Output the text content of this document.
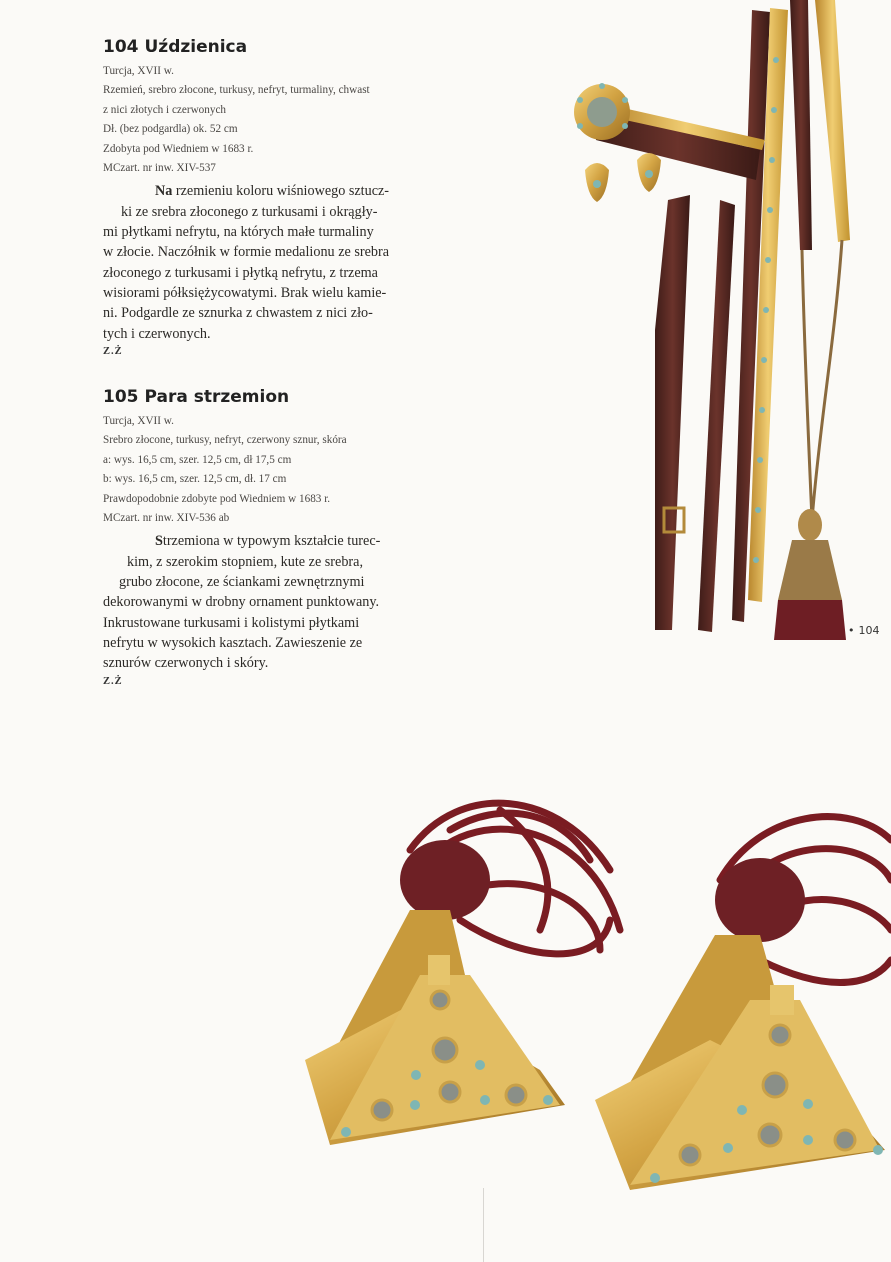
104 Uździenica

Turcja, XVII w.
Rzemień, srebro złocone, turkusy, nefryt, turmaliny, chwast
z nici złotych i czerwonych
Dł. (bez podgardla) ok. 52 cm
Zdobyta pod Wiedniem w 1683 r.
MCzart. nr inw. XIV-537

Na rzemieniu koloru wiśniowego sztucz-
ki ze srebra złoconego z turkusami i okrągły-
mi płytkami nefrytu, na których małe turmaliny
w złocie. Naczółnik w formie medalionu ze srebra
złoconego z turkusami i płytką nefrytu, z trzema
wisiorami półksiężycowatymi. Brak wielu kamie-
ni. Podgardle ze sznurka z chwastem z nici zło-
tych i czerwonych.

Z.Ż
105 Para strzemion

Turcja, XVII w.
Srebro złocone, turkusy, nefryt, czerwony sznur, skóra
a: wys. 16,5 cm, szer. 12,5 cm, dł 17,5 cm
b: wys. 16,5 cm, szer. 12,5 cm, dł. 17 cm
Prawdopodobnie zdobyte pod Wiedniem w 1683 r.
MCzart. nr inw. XIV-536 ab

Strzemiona w typowym kształcie turec-
kim, z szerokim stopniem, kute ze srebra,
grubo złocone, ze ściankami zewnętrznymi
dekorowanymi w drobny ornament punktowany.
Inkrustowane turkusami i kolistymi płytkami
nefrytu w wysokich kasztach. Zawieszenie ze
sznurów czerwonych i skóry.

Z.Ż
• 104
